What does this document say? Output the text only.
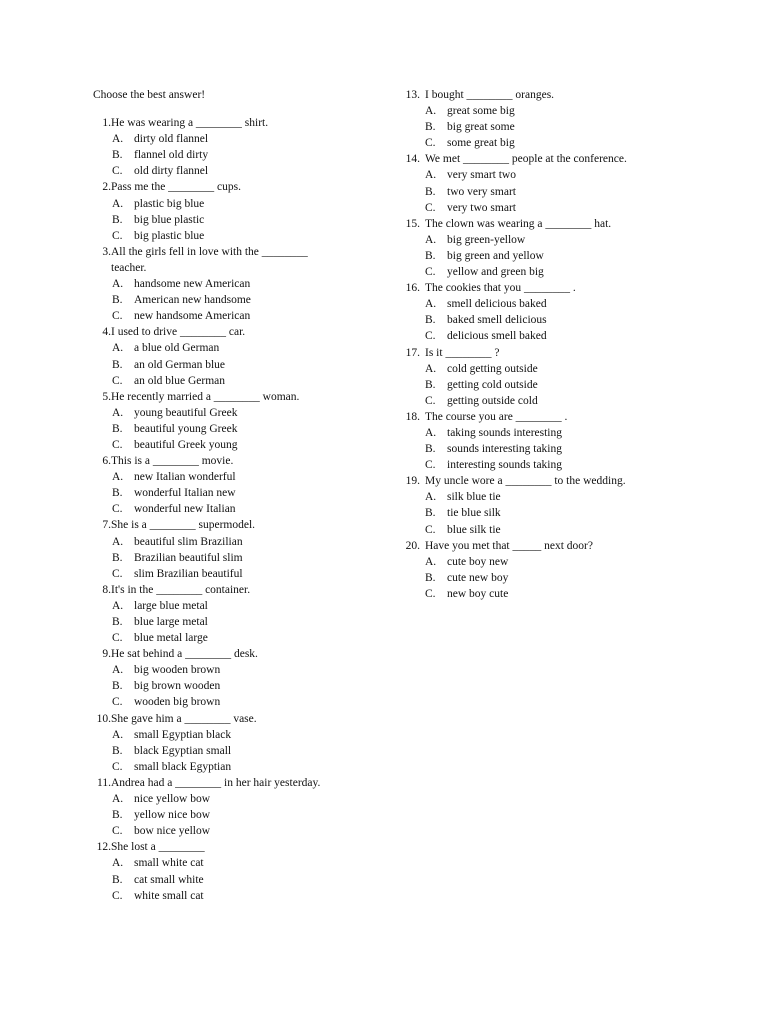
Choose the best answer!
1.He was wearing a ________ shirt.
A. dirty old flannel
B. flannel old dirty
C. old dirty flannel
2.Pass me the ________ cups.
A. plastic big blue
B. big blue plastic
C. big plastic blue
3.All the girls fell in love with the ________
teacher.
A. handsome new American
B. American new handsome
C. new handsome American
4.I used to drive ________ car.
A. a blue old German
B. an old German blue
C. an old blue German
5.He recently married a ________ woman.
A. young beautiful Greek
B. beautiful young Greek
C. beautiful Greek young
6.This is a ________ movie.
A. new Italian wonderful
B. wonderful Italian new
C. wonderful new Italian
7.She is a ________ supermodel.
A. beautiful slim Brazilian
B. Brazilian beautiful slim
C. slim Brazilian beautiful
8.It's in the ________ container.
A. large blue metal
B. blue large metal
C. blue metal large
9.He sat behind a ________ desk.
A. big wooden brown
B. big brown wooden
C. wooden big brown
10.She gave him a ________ vase.
A. small Egyptian black
B. black Egyptian small
C. small black Egyptian
11.Andrea had a ________ in her hair yesterday.
A. nice yellow bow
B. yellow nice bow
C. bow nice yellow
12.She lost a ________
A. small white cat
B. cat small white
C. white small cat
13. I bought ________ oranges.
A. great some big
B. big great some
C. some great big
14. We met ________ people at the conference.
A. very smart two
B. two very smart
C. very two smart
15. The clown was wearing a ________ hat.
A. big green-yellow
B. big green and yellow
C. yellow and green big
16. The cookies that you ________ .
A. smell delicious baked
B. baked smell delicious
C. delicious smell baked
17. Is it ________ ?
A. cold getting outside
B. getting cold outside
C. getting outside cold
18. The course you are ________ .
A. taking sounds interesting
B. sounds interesting taking
C. interesting sounds taking
19. My uncle wore a ________ to the wedding.
A. silk blue tie
B. tie blue silk
C. blue silk tie
20. Have you met that _____ next door?
A. cute boy new
B. cute new boy
C. new boy cute
